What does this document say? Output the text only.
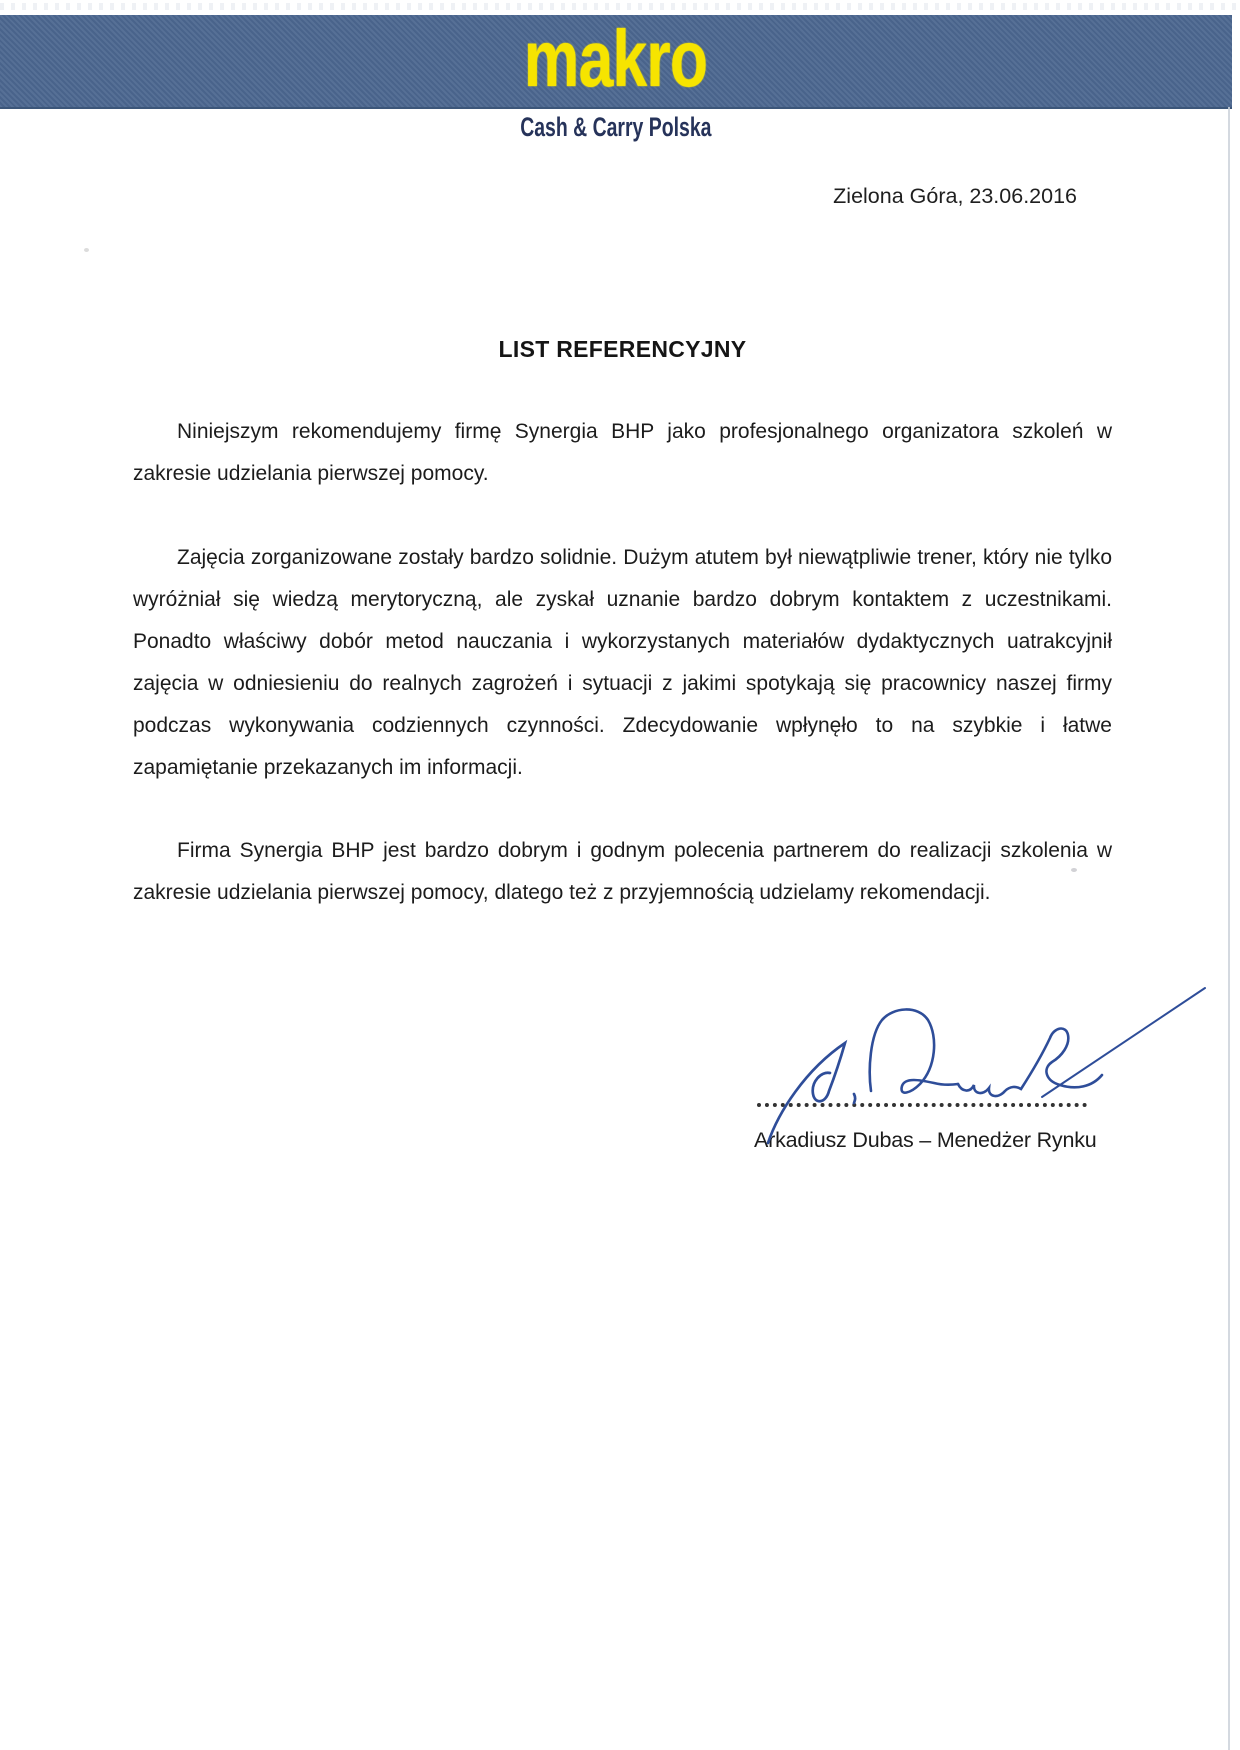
makro
Cash & Carry Polska
Zielona Góra, 23.06.2016
LIST REFERENCYJNY
Niniejszym rekomendujemy firmę Synergia BHP jako profesjonalnego organizatora szkoleń w zakresie udzielania pierwszej pomocy.
Zajęcia zorganizowane zostały bardzo solidnie. Dużym atutem był niewątpliwie trener, który nie tylko wyróżniał się wiedzą merytoryczną, ale zyskał uznanie bardzo dobrym kontaktem z uczestnikami. Ponadto właściwy dobór metod nauczania i wykorzystanych materiałów dydaktycznych uatrakcyjnił zajęcia w odniesieniu do realnych zagrożeń i sytuacji z jakimi spotykają się pracownicy naszej firmy podczas wykonywania codziennych czynności. Zdecydowanie wpłynęło to na szybkie i łatwe zapamiętanie przekazanych im informacji.
Firma Synergia BHP jest bardzo dobrym i godnym polecenia partnerem do realizacji szkolenia w zakresie udzielania pierwszej pomocy, dlatego też z przyjemnością udzielamy rekomendacji.
Arkadiusz Dubas – Menedżer Rynku
